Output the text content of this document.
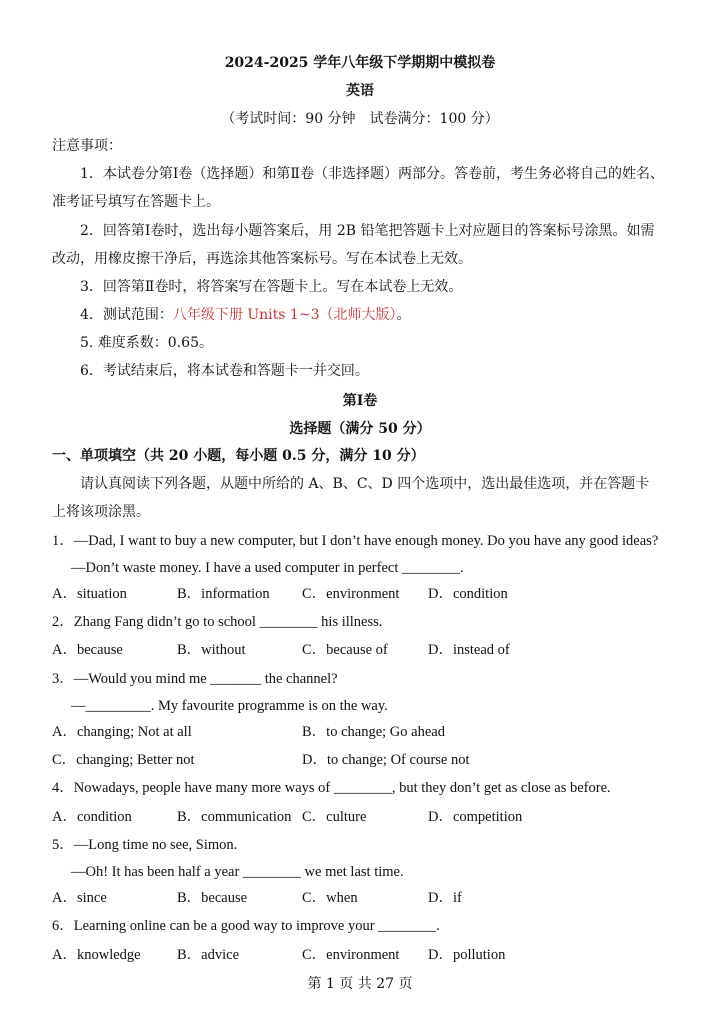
2024-2025 学年八年级下学期期中模拟卷
英语
（考试时间：90 分钟　试卷满分：100 分）
注意事项：
1．本试卷分第Ⅰ卷（选择题）和第Ⅱ卷（非选择题）两部分。答卷前，考生务必将自己的姓名、
准考证号填写在答题卡上。
2．回答第Ⅰ卷时，选出每小题答案后，用 2B 铅笔把答题卡上对应题目的答案标号涂黑。如需
改动，用橡皮擦干净后，再选涂其他答案标号。写在本试卷上无效。
3．回答第Ⅱ卷时，将答案写在答题卡上。写在本试卷上无效。
4．测试范围：八年级下册 Units 1~3（北师大版）。
5. 难度系数：0.65。
6．考试结束后，将本试卷和答题卡一并交回。
第Ⅰ卷
选择题（满分 50 分）
一、单项填空（共 20 小题，每小题 0.5 分，满分 10 分）
请认真阅读下列各题，从题中所给的 A、B、C、D 四个选项中，选出最佳选项，并在答题卡
上将该项涂黑。
1．—Dad, I want to buy a new computer, but I don’t have enough money. Do you have any good ideas?
—Don’t waste money. I have a used computer in perfect ________.
A．situation	B．information C．environment D．condition
2．Zhang Fang didn’t go to school ________ his illness.
A．because	B．without	C．because of	D．instead of
3．—Would you mind me _______ the channel?
—_________. My favourite programme is on the way.
A．changing; Not at all	B．to change; Go ahead
C．changing; Better not	D．to change; Of course not
4．Nowadays, people have many more ways of ________, but they don’t get as close as before.
A．condition	B．communication C．culture	D．competition
5．—Long time no see, Simon.
—Oh! It has been half a year ________ we met last time.
A．since	B．because	C．when	D．if
6．Learning online can be a good way to improve your ________.
A．knowledge	B．advice	C．environment D．pollution
第 1 页 共 27 页
